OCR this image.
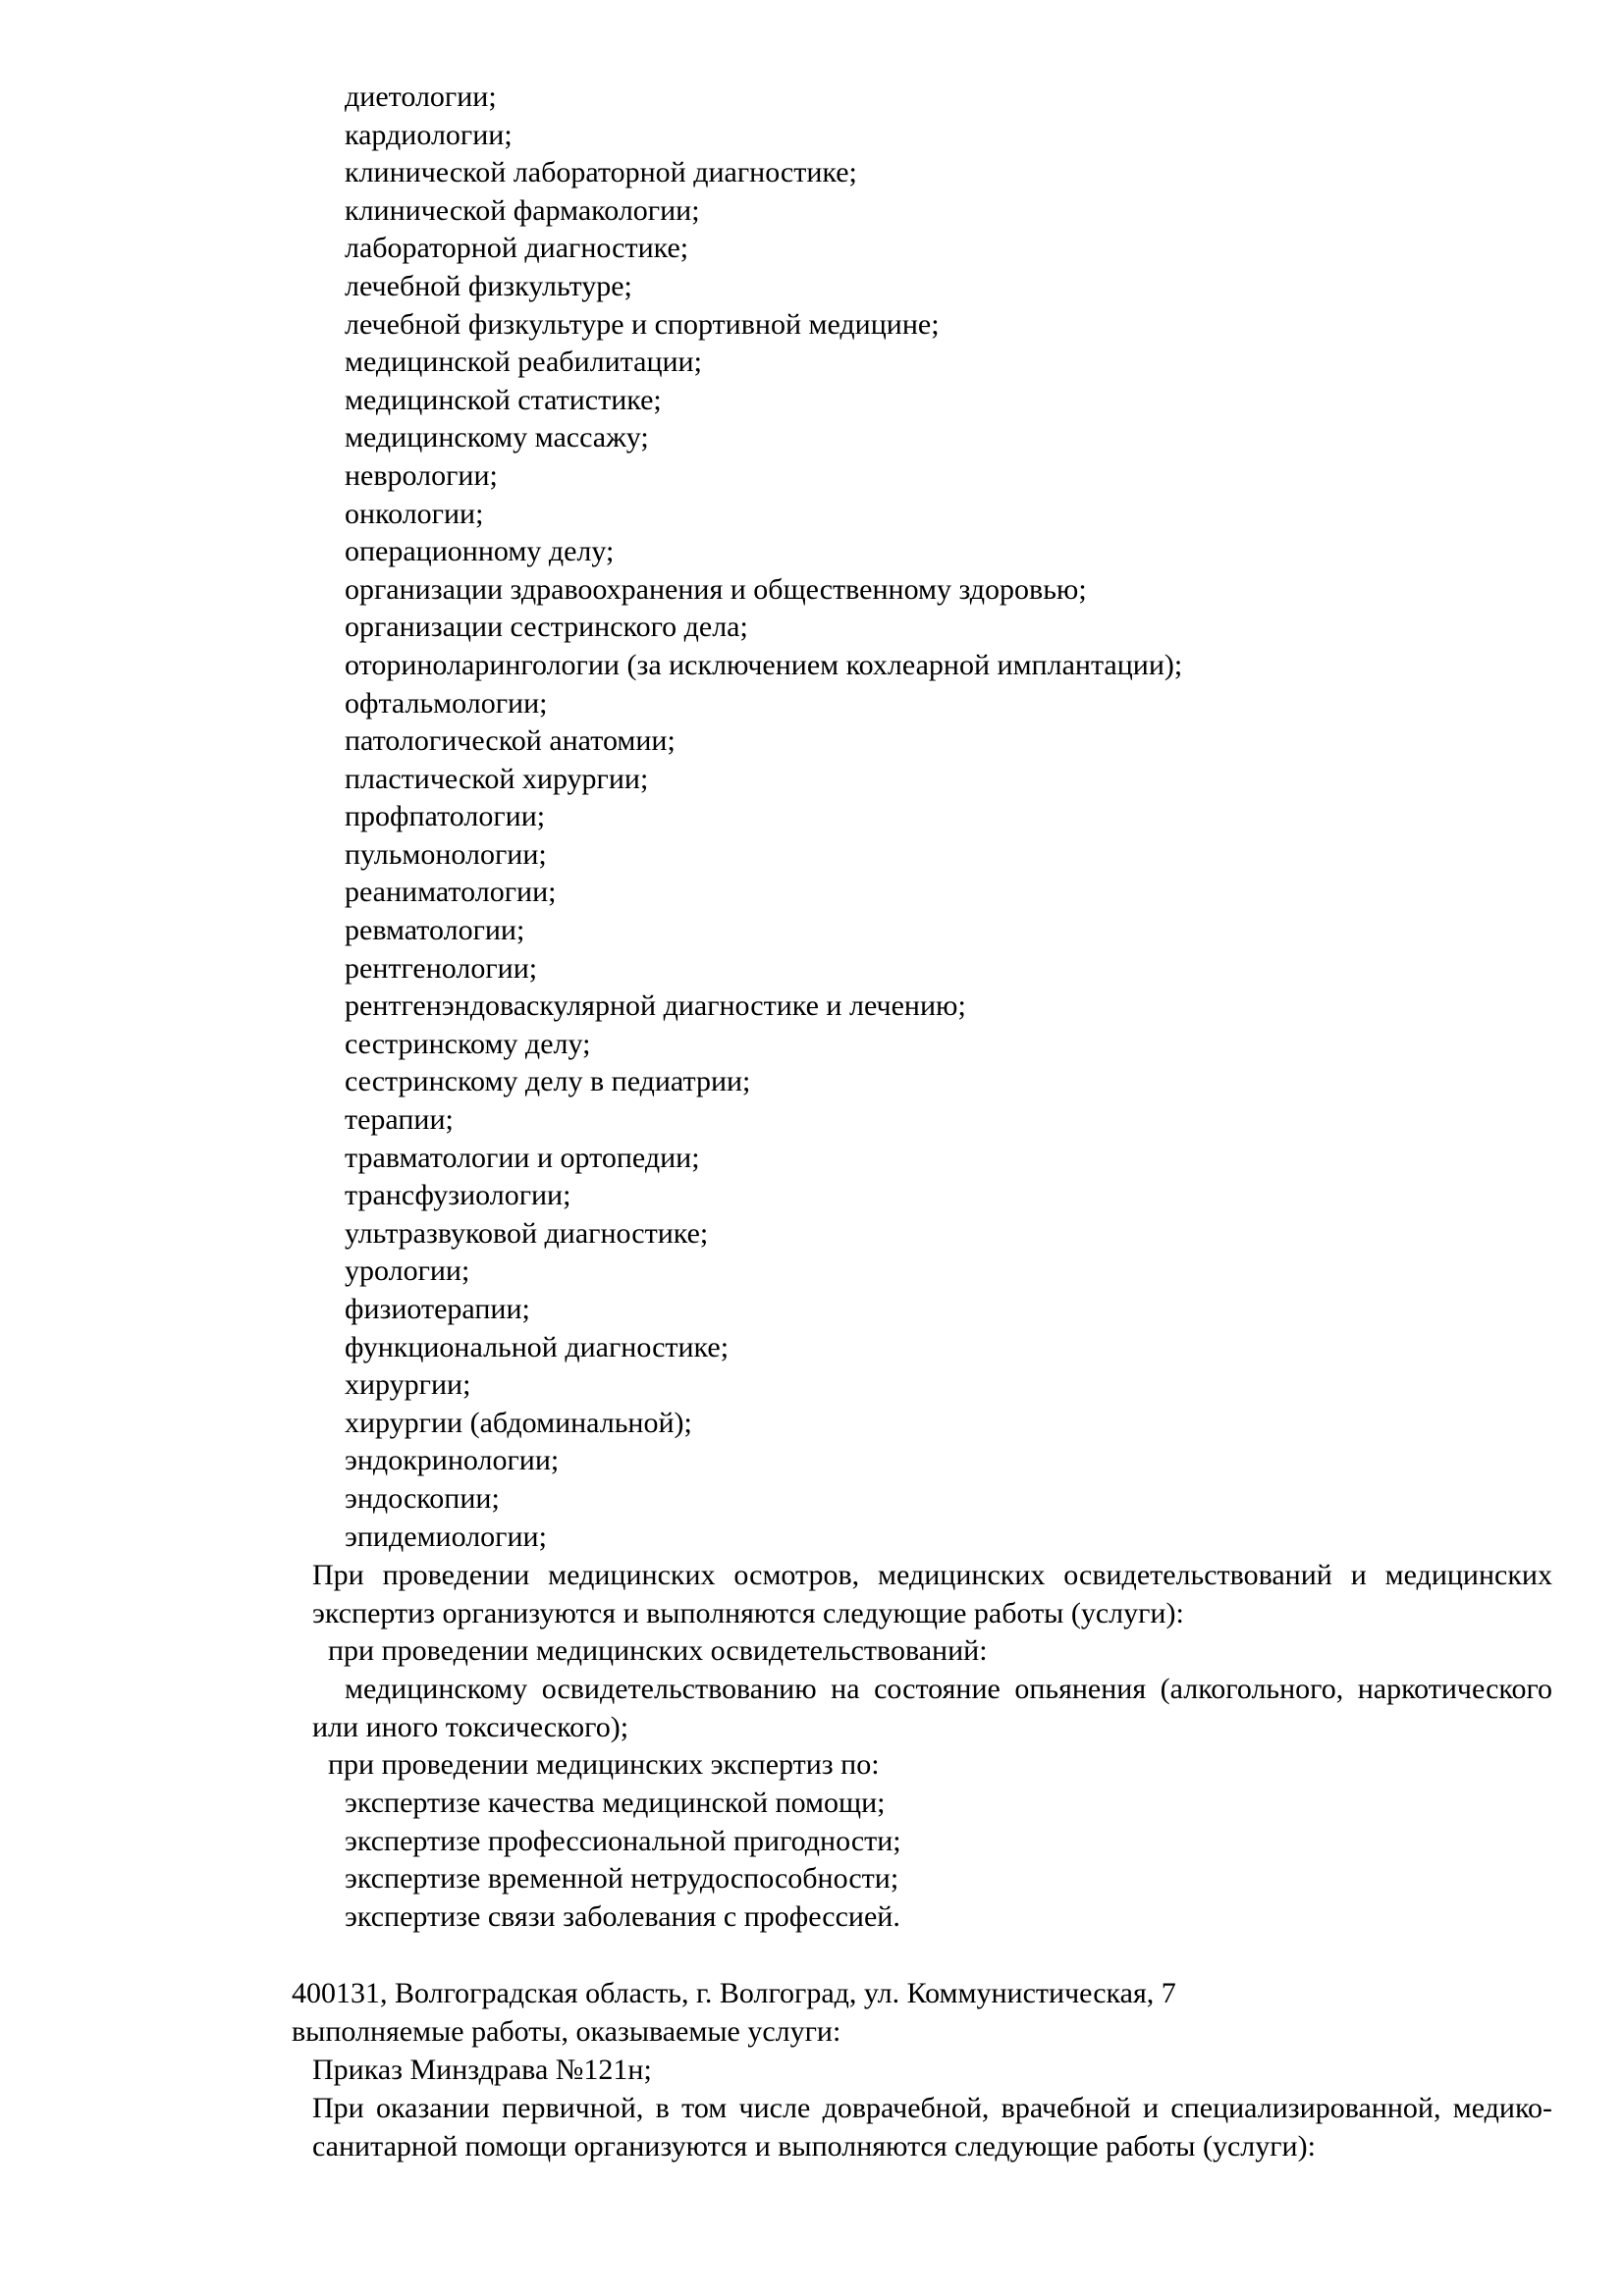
диетологии;
кардиологии;
клинической лабораторной диагностике;
клинической фармакологии;
лабораторной диагностике;
лечебной физкультуре;
лечебной физкультуре и спортивной медицине;
медицинской реабилитации;
медицинской статистике;
медицинскому массажу;
неврологии;
онкологии;
операционному делу;
организации здравоохранения и общественному здоровью;
организации сестринского дела;
оториноларингологии (за исключением кохлеарной имплантации);
офтальмологии;
патологической анатомии;
пластической хирургии;
профпатологии;
пульмонологии;
реаниматологии;
ревматологии;
рентгенологии;
рентгенэндоваскулярной диагностике и лечению;
сестринскому делу;
сестринскому делу в педиатрии;
терапии;
травматологии и ортопедии;
трансфузиологии;
ультразвуковой диагностике;
урологии;
физиотерапии;
функциональной диагностике;
хирургии;
хирургии (абдоминальной);
эндокринологии;
эндоскопии;
эпидемиологии;

При проведении медицинских осмотров, медицинских освидетельствований и медицинских экспертиз организуются и выполняются следующие работы (услуги):

при проведении медицинских освидетельствований:

медицинскому освидетельствованию на состояние опьянения (алкогольного, наркотического или иного токсического);

при проведении медицинских экспертиз по:

экспертизе качества медицинской помощи;
экспертизе профессиональной пригодности;
экспертизе временной нетрудоспособности;
экспертизе связи заболевания с профессией.

400131, Волгоградская область, г. Волгоград, ул. Коммунистическая, 7

выполняемые работы, оказываемые услуги:

Приказ Минздрава №121н;

При оказании первичной, в том числе доврачебной, врачебной и специализированной, медико-санитарной помощи организуются и выполняются следующие работы (услуги):
